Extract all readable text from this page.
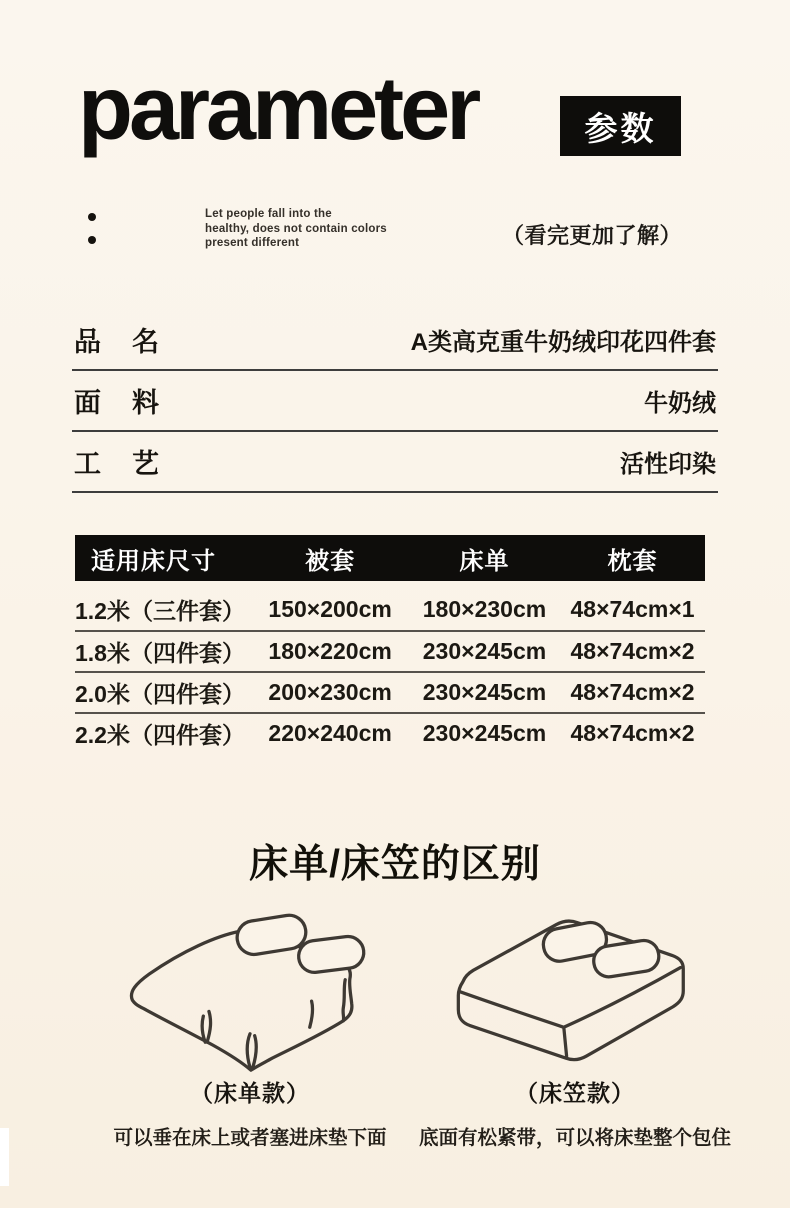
parameter	参数
Let people fall into the
healthy, does not contain colors
present different	（看完更加了解）
品　名	A类高克重牛奶绒印花四件套
面　料	牛奶绒
工　艺	活性印染
适用床尺寸	被套	床单	枕套
1.2米（三件套）	150×200cm	180×230cm	48×74cm×1
1.8米（四件套）	180×220cm	230×245cm	48×74cm×2
2.0米（四件套）	200×230cm	230×245cm	48×74cm×2
2.2米（四件套）	220×240cm	230×245cm	48×74cm×2
床单/床笠的区别
（床单款）
可以垂在床上或者塞进床垫下面
（床笠款）
底面有松紧带，可以将床垫整个包住
